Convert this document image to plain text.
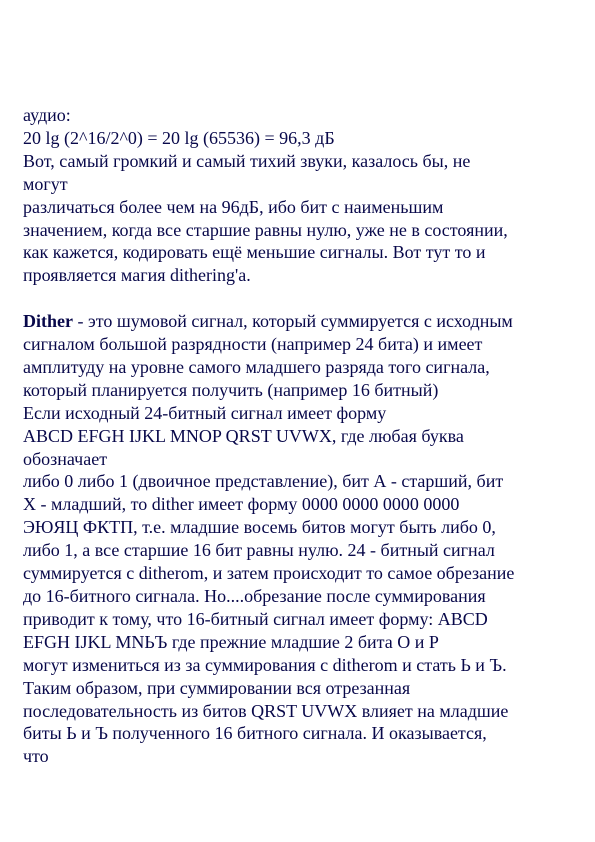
аудио:
20 lg (2^16/2^0) = 20 lg (65536) = 96,3 дБ
Вот, самый громкий и самый тихий звуки, казалось бы, не
могут
различаться более чем на 96дБ, ибо бит с наименьшим
значением, когда все старшие равны нулю, уже не в состоянии,
как кажется, кодировать ещё меньшие сигналы. Вот тут то и
проявляется магия dithering'а.
Dither - это шумовой сигнал, который суммируется с исходным
сигналом большой разрядности (например 24 бита) и имеет
амплитуду на уровне самого младшего разряда того сигнала,
который планируется получить (например 16 битный)
Если исходный 24-битный сигнал имеет форму
ABCD EFGH IJKL MNOP QRST UVWX, где любая буква
обозначает
либо 0 либо 1 (двоичное представление), бит А - старший, бит
Х - младший, то dither имеет форму 0000 0000 0000 0000
ЭЮЯЦ ФКТП, т.е. младшие восемь битов могут быть либо 0,
либо 1, а все старшие 16 бит равны нулю. 24 - битный сигнал
суммируется с ditherom, и затем происходит то самое обрезание
до 16-битного сигнала. Но....обрезание после суммирования
приводит к тому, что 16-битный сигнал имеет форму: ABCD
EFGH IJKL MNЬЪ где прежние младшие 2 бита О и Р
могут измениться из за суммирования с ditherom и стать Ь и Ъ.
Таким образом, при суммировании вся отрезанная
последовательность из битов QRST UVWX влияет на младшие
биты Ь и Ъ полученного 16 битного сигнала. И оказывается,
что
